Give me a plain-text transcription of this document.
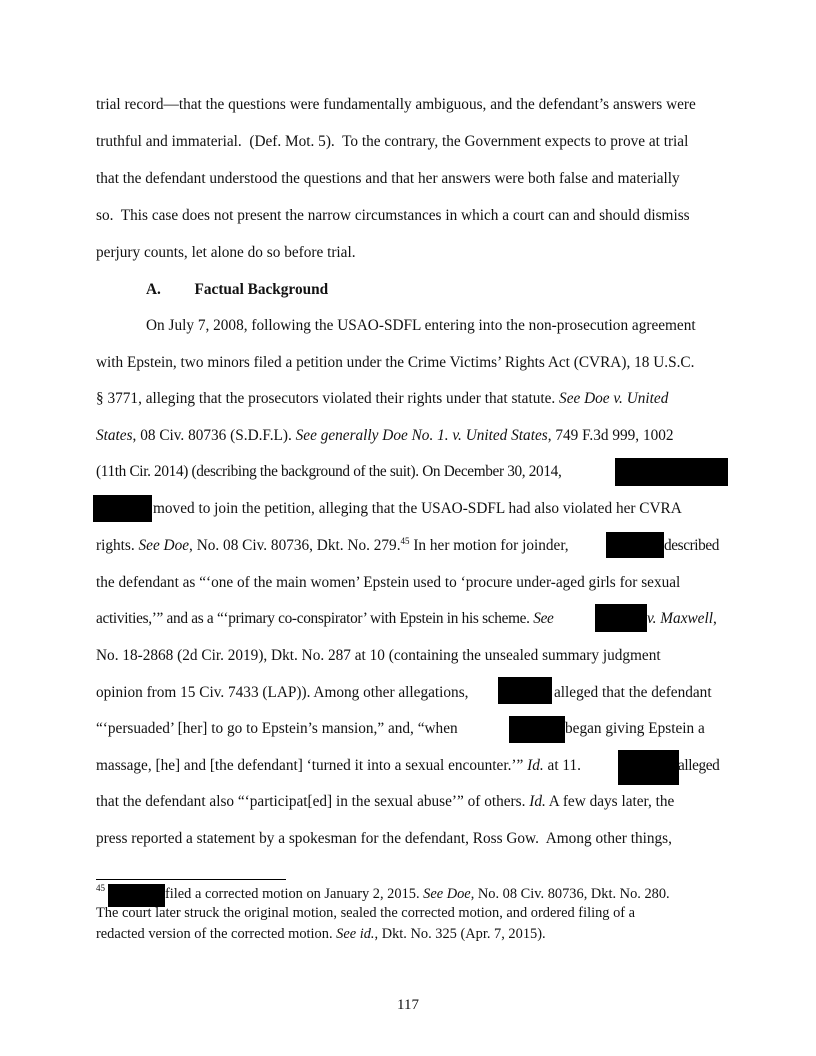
trial record—that the questions were fundamentally ambiguous, and the defendant’s answers were
truthful and immaterial.  (Def. Mot. 5).  To the contrary, the Government expects to prove at trial
that the defendant understood the questions and that her answers were both false and materially
so.  This case does not present the narrow circumstances in which a court can and should dismiss
perjury counts, let alone do so before trial.
A. Factual Background
On July 7, 2008, following the USAO-SDFL entering into the non-prosecution agreement
with Epstein, two minors filed a petition under the Crime Victims’ Rights Act (CVRA), 18 U.S.C.
§ 3771, alleging that the prosecutors violated their rights under that statute. See Doe v. United
States, 08 Civ. 80736 (S.D.F.L). See generally Doe No. 1. v. United States, 749 F.3d 999, 1002
(11th Cir. 2014) (describing the background of the suit). On December 30, 2014,
moved to join the petition, alleging that the USAO-SDFL had also violated her CVRA
rights. See Doe, No. 08 Civ. 80736, Dkt. No. 279.45 In her motion for joinder,	described
the defendant as “‘one of the main women’ Epstein used to ‘procure under-aged girls for sexual
activities,’” and as a “‘primary co-conspirator’ with Epstein in his scheme. See	v. Maxwell,
No. 18-2868 (2d Cir. 2019), Dkt. No. 287 at 10 (containing the unsealed summary judgment
opinion from 15 Civ. 7433 (LAP)). Among other allegations,	alleged that the defendant
“‘persuaded’ [her] to go to Epstein’s mansion,” and, “when	began giving Epstein a
massage, [he] and [the defendant] ‘turned it into a sexual encounter.’” Id. at 11.	alleged
that the defendant also “‘participat[ed] in the sexual abuse’” of others. Id. A few days later, the
press reported a statement by a spokesman for the defendant, Ross Gow.  Among other things,
$^{45}$	filed a corrected motion on January 2, 2015. See Doe, No. 08 Civ. 80736, Dkt. No. 280.
The court later struck the original motion, sealed the corrected motion, and ordered filing of a
redacted version of the corrected motion. See id., Dkt. No. 325 (Apr. 7, 2015).
117
